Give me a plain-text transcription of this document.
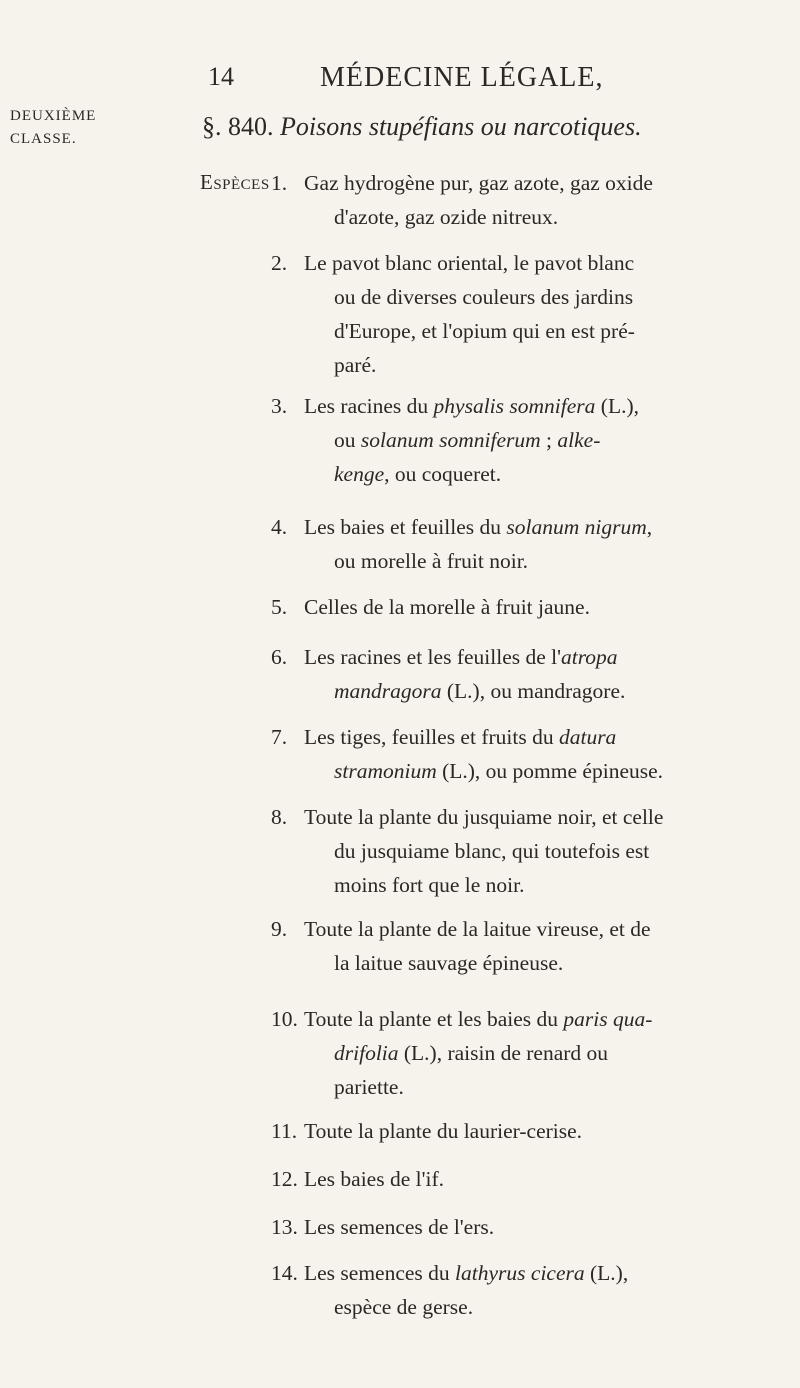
14	MÉDECINE LÉGALE,
DEUXIÈME
CLASSE.	§. 840. Poisons stupéfians ou narcotiques.
Espèces 1. Gaz hydrogène pur, gaz azote, gaz oxide
d'azote, gaz ozide nitreux.
2. Le pavot blanc oriental, le pavot blanc
ou de diverses couleurs des jardins
d'Europe, et l'opium qui en est pré-
paré.
3. Les racines du physalis somnifera (L.),
ou solanum somniferum ; alke-
kenge, ou coqueret.
4. Les baies et feuilles du solanum nigrum,
ou morelle à fruit noir.
5. Celles de la morelle à fruit jaune.
6. Les racines et les feuilles de l'atropa
mandragora (L.), ou mandragore.
7. Les tiges, feuilles et fruits du datura
stramonium (L.), ou pomme épineuse.
8. Toute la plante du jusquiame noir, et celle
du jusquiame blanc, qui toutefois est
moins fort que le noir.
9. Toute la plante de la laitue vireuse, et de
la laitue sauvage épineuse.
10. Toute la plante et les baies du paris qua-
drifolia (L.), raisin de renard ou
pariette.
11. Toute la plante du laurier-cerise.
12. Les baies de l'if.
13. Les semences de l'ers.
14. Les semences du lathyrus cicera (L.),
espèce de gerse.
